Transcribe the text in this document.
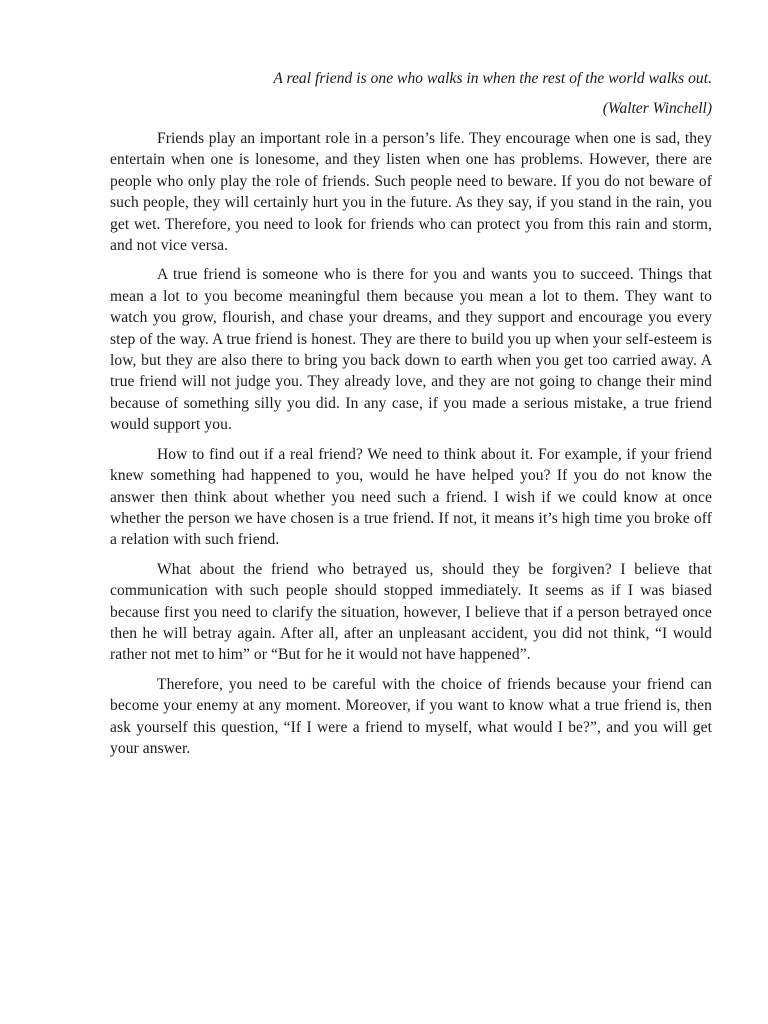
A real friend is one who walks in when the rest of the world walks out.

(Walter Winchell)

Friends play an important role in a person’s life. They encourage when one is sad, they entertain when one is lonesome, and they listen when one has problems. However, there are people who only play the role of friends. Such people need to beware. If you do not beware of such people, they will certainly hurt you in the future. As they say, if you stand in the rain, you get wet. Therefore, you need to look for friends who can protect you from this rain and storm, and not vice versa.

A true friend is someone who is there for you and wants you to succeed. Things that mean a lot to you become meaningful them because you mean a lot to them. They want to watch you grow, flourish, and chase your dreams, and they support and encourage you every step of the way. A true friend is honest. They are there to build you up when your self-esteem is low, but they are also there to bring you back down to earth when you get too carried away. A true friend will not judge you. They already love, and they are not going to change their mind because of something silly you did. In any case, if you made a serious mistake, a true friend would support you.

How to find out if a real friend? We need to think about it. For example, if your friend knew something had happened to you, would he have helped you? If you do not know the answer then think about whether you need such a friend. I wish if we could know at once whether the person we have chosen is a true friend. If not, it means it’s high time you broke off a relation with such friend.

What about the friend who betrayed us, should they be forgiven? I believe that communication with such people should stopped immediately. It seems as if I was biased because first you need to clarify the situation, however, I believe that if a person betrayed once then he will betray again. After all, after an unpleasant accident, you did not think, “I would rather not met to him” or “But for he it would not have happened”.

Therefore, you need to be careful with the choice of friends because your friend can become your enemy at any moment. Moreover, if you want to know what a true friend is, then ask yourself this question, “If I were a friend to myself, what would I be?”, and you will get your answer.
